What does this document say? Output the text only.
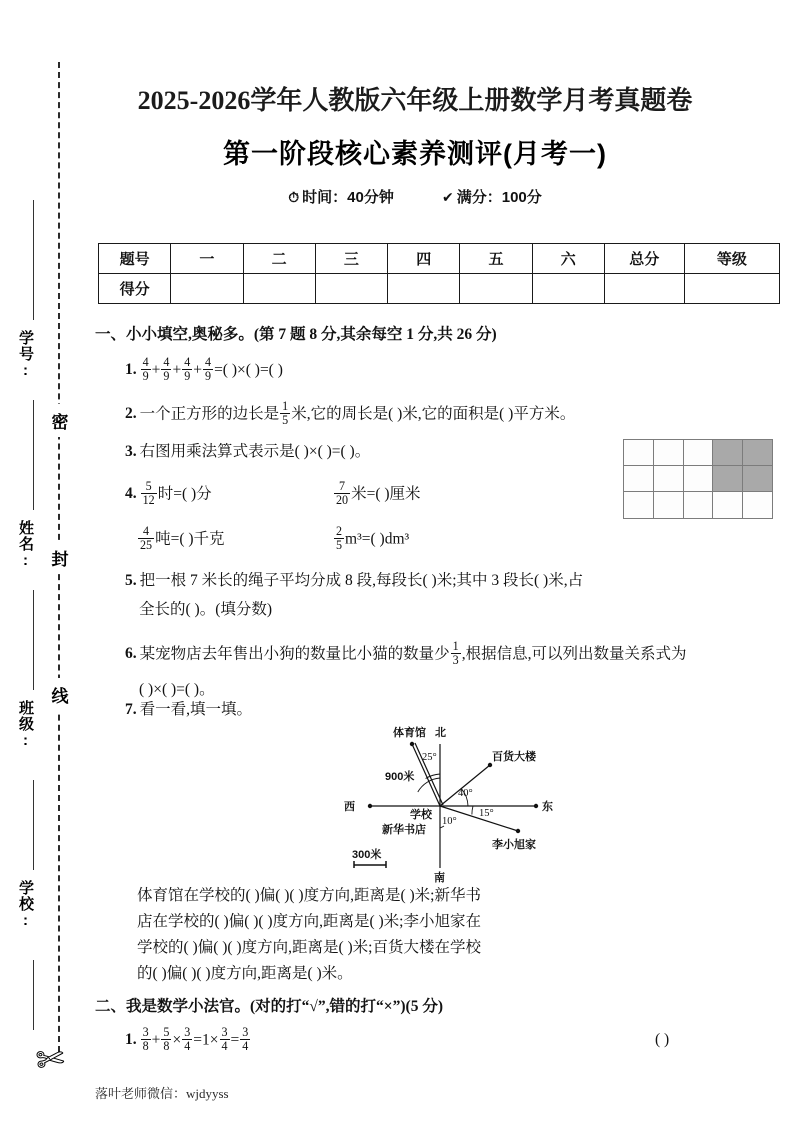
密
封
线
学号:
姓名:
班级:
学校:
✄
2025-2026学年人教版六年级上册数学月考真题卷
第一阶段核心素养测评(月考一)
⏱ 时间：40分钟	✔ 满分：100分
题号	一	二	三	四	五	六	总分	等级
得分								
一、小小填空,奥秘多。(第 7 题 8 分,其余每空 1 分,共 26 分)
1. $\frac{4}{9} + \frac{4}{9} + \frac{4}{9} + \frac{4}{9}$ =( )×( )=( )
2. 一个正方形的边长是 $\frac{1}{5}$ 米,它的周长是( )米,它的面积是( )平方米。
3. 右图用乘法算式表示是( )×( )=( )。
4. $\frac{5}{12}$ 时=( )分	$\frac{7}{20}$ 米=( )厘米
$\frac{4}{25}$ 吨=( )千克	$\frac{2}{5} m^3=$( )dm³
5. 把一根 7 米长的绳子平均分成 8 段,每段长( )米;其中 3 段长( )米,占
全长的( )。(填分数)
6. 某宠物店去年售出小狗的数量比小猫的数量少 $\frac{1}{3}$ ,根据信息,可以列出数量关系式为
( )×( )=( )。
7. 看一看,填一填。
体育馆 北
南
西	东
百货大楼
李小旭家
学校
新华书店
25°
40°
15°
10°
900米
300米
体育馆在学校的( )偏( )( )度方向,距离是( )米;新华书
店在学校的( )偏( )( )度方向,距离是( )米;李小旭家在
学校的( )偏( )( )度方向,距离是( )米;百货大楼在学校
的( )偏( )( )度方向,距离是( )米。
二、我是数学小法官。(对的打“√”,错的打“×”)(5 分)
1. $\frac{3}{8} + \frac{5}{8} \times \frac{3}{4} =1\times \frac{3}{4} = \frac{3}{4}$	( )
落叶老师微信：wjdyyss
